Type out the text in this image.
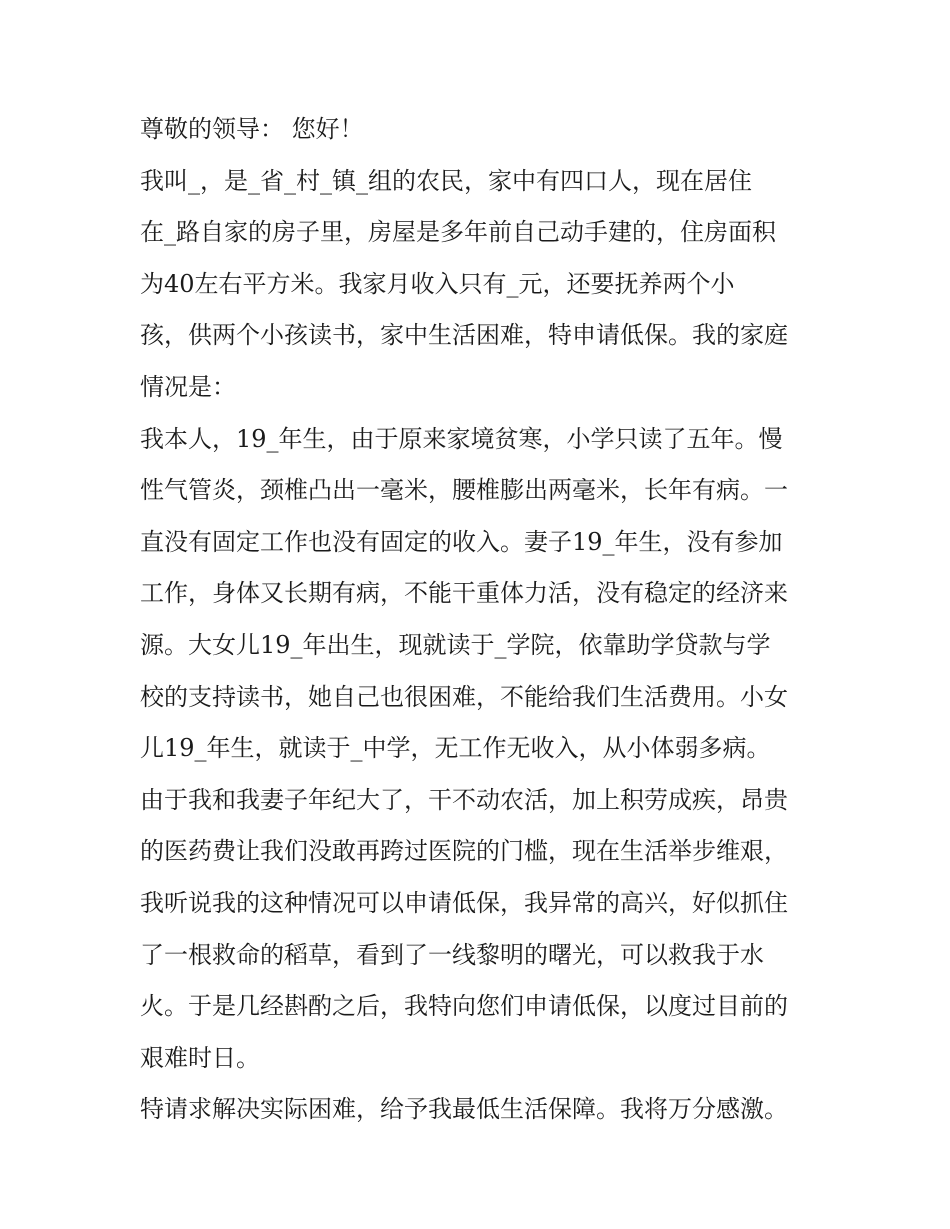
尊敬的领导： 您好！
我叫_，是_省_村_镇_组的农民，家中有四口人，现在居住
在_路自家的房子里，房屋是多年前自己动手建的，住房面积
为40左右平方米。我家月收入只有_元，还要抚养两个小
孩，供两个小孩读书，家中生活困难，特申请低保。我的家庭
情况是：
我本人，19_年生，由于原来家境贫寒，小学只读了五年。慢
性气管炎，颈椎凸出一毫米，腰椎膨出两毫米，长年有病。一
直没有固定工作也没有固定的收入。妻子19_年生，没有参加
工作，身体又长期有病，不能干重体力活，没有稳定的经济来
源。大女儿19_年出生，现就读于_学院，依靠助学贷款与学
校的支持读书，她自己也很困难，不能给我们生活费用。小女
儿19_年生，就读于_中学，无工作无收入，从小体弱多病。
由于我和我妻子年纪大了，干不动农活，加上积劳成疾，昂贵
的医药费让我们没敢再跨过医院的门槛，现在生活举步维艰，
我听说我的这种情况可以申请低保，我异常的高兴，好似抓住
了一根救命的稻草，看到了一线黎明的曙光，可以救我于水
火。于是几经斟酌之后，我特向您们申请低保，以度过目前的
艰难时日。
特请求解决实际困难，给予我最低生活保障。我将万分感激。
